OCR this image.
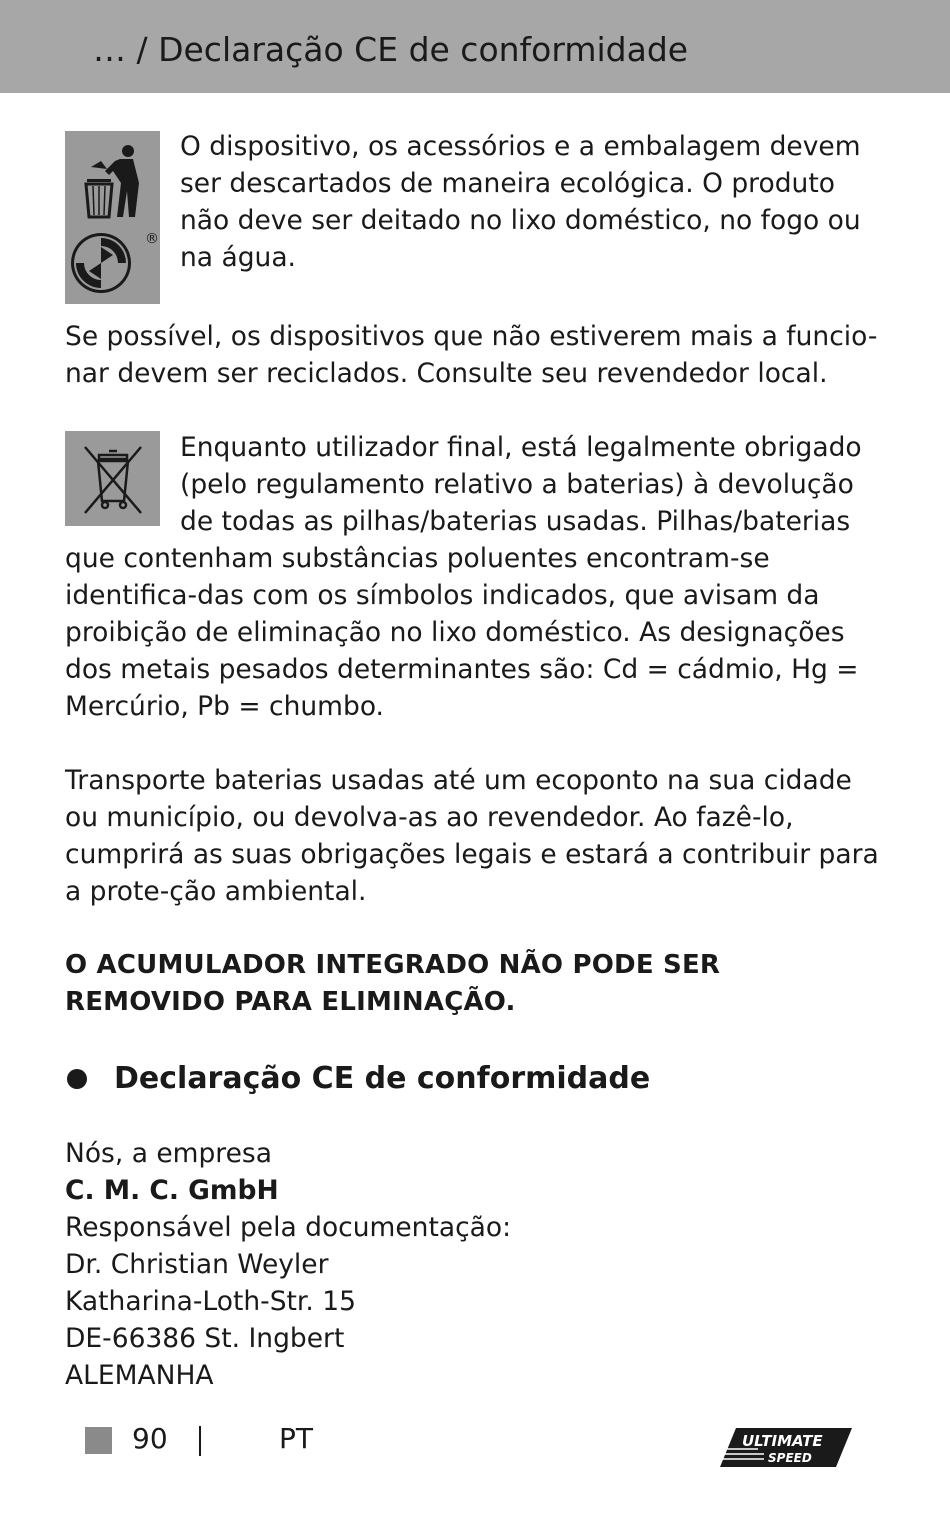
… / Declaração CE de conformidade
®

O dispositivo, os acessórios e a embalagem devem ser descartados de maneira ecológica. O produto não deve ser deitado no lixo doméstico, no fogo ou na água.

Se possível, os dispositivos que não estiverem mais a funcio-nar devem ser reciclados. Consulte seu revendedor local.

Enquanto utilizador final, está legalmente obrigado (pelo regulamento relativo a baterias) à devolução de todas as pilhas/baterias usadas. Pilhas/baterias que contenham substâncias poluentes encontram-se identifica-das com os símbolos indicados, que avisam da proibição de eliminação no lixo doméstico. As designações dos metais pesados determinantes são: Cd = cádmio, Hg = Mercúrio, Pb = chumbo.

Transporte baterias usadas até um ecoponto na sua cidade ou município, ou devolva-as ao revendedor. Ao fazê-lo, cumprirá as suas obrigações legais e estará a contribuir para a prote-ção ambiental.

O ACUMULADOR INTEGRADO NÃO PODE SER REMOVIDO PARA ELIMINAÇÃO.

Declaração CE de conformidade

Nós, a empresa

C. M. C. GmbH

Responsável pela documentação:

Dr. Christian Weyler

Katharina-Loth-Str. 15

DE-66386 St. Ingbert

ALEMANHA

90	PT	ULTIMATE
SPEED
